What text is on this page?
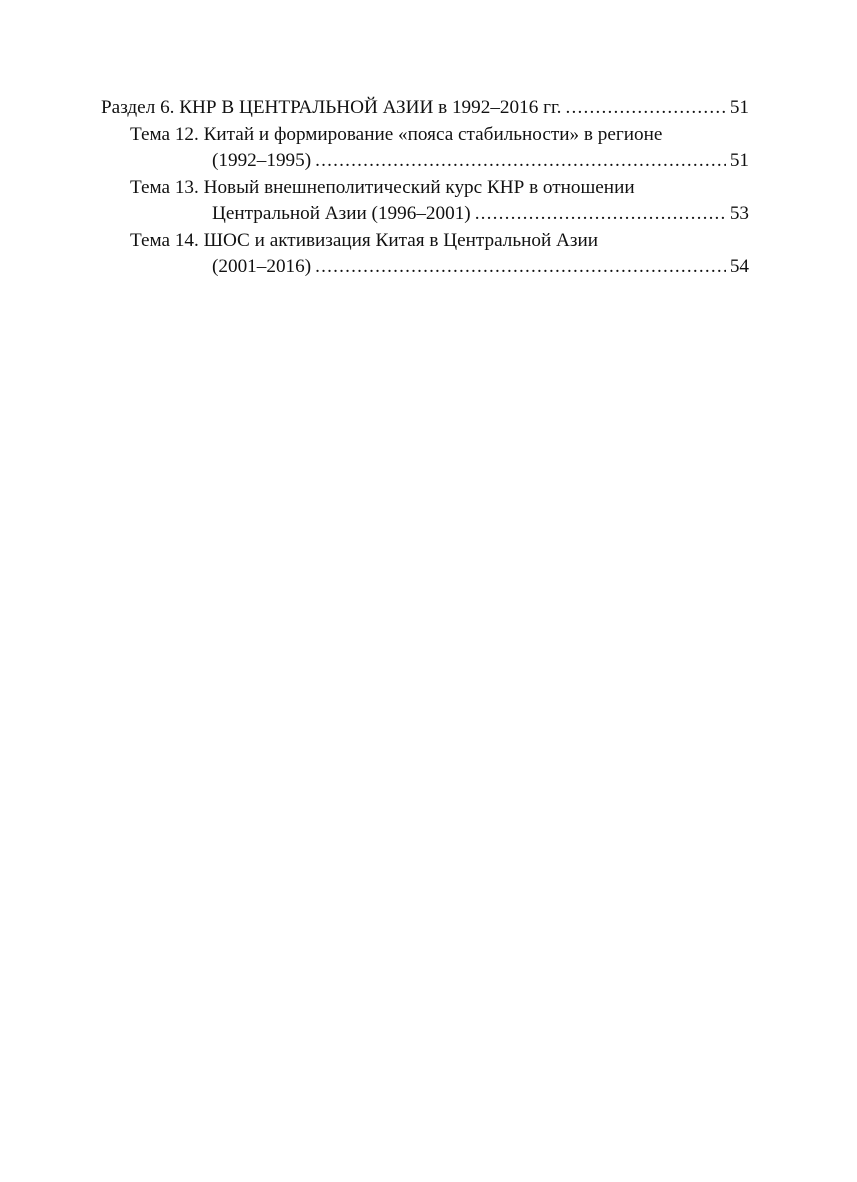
Раздел 6. КНР В ЦЕНТРАЛЬНОЙ АЗИИ в 1992–2016 гг. .....	51
Тема 12. Китай и формирование «пояса стабильности» в регионе
(1992–1995) .....	51
Тема 13. Новый внешнеполитический курс КНР в отношении
Центральной Азии (1996–2001) .....	53
Тема 14. ШОС и активизация Китая в Центральной Азии
(2001–2016) .....	54
